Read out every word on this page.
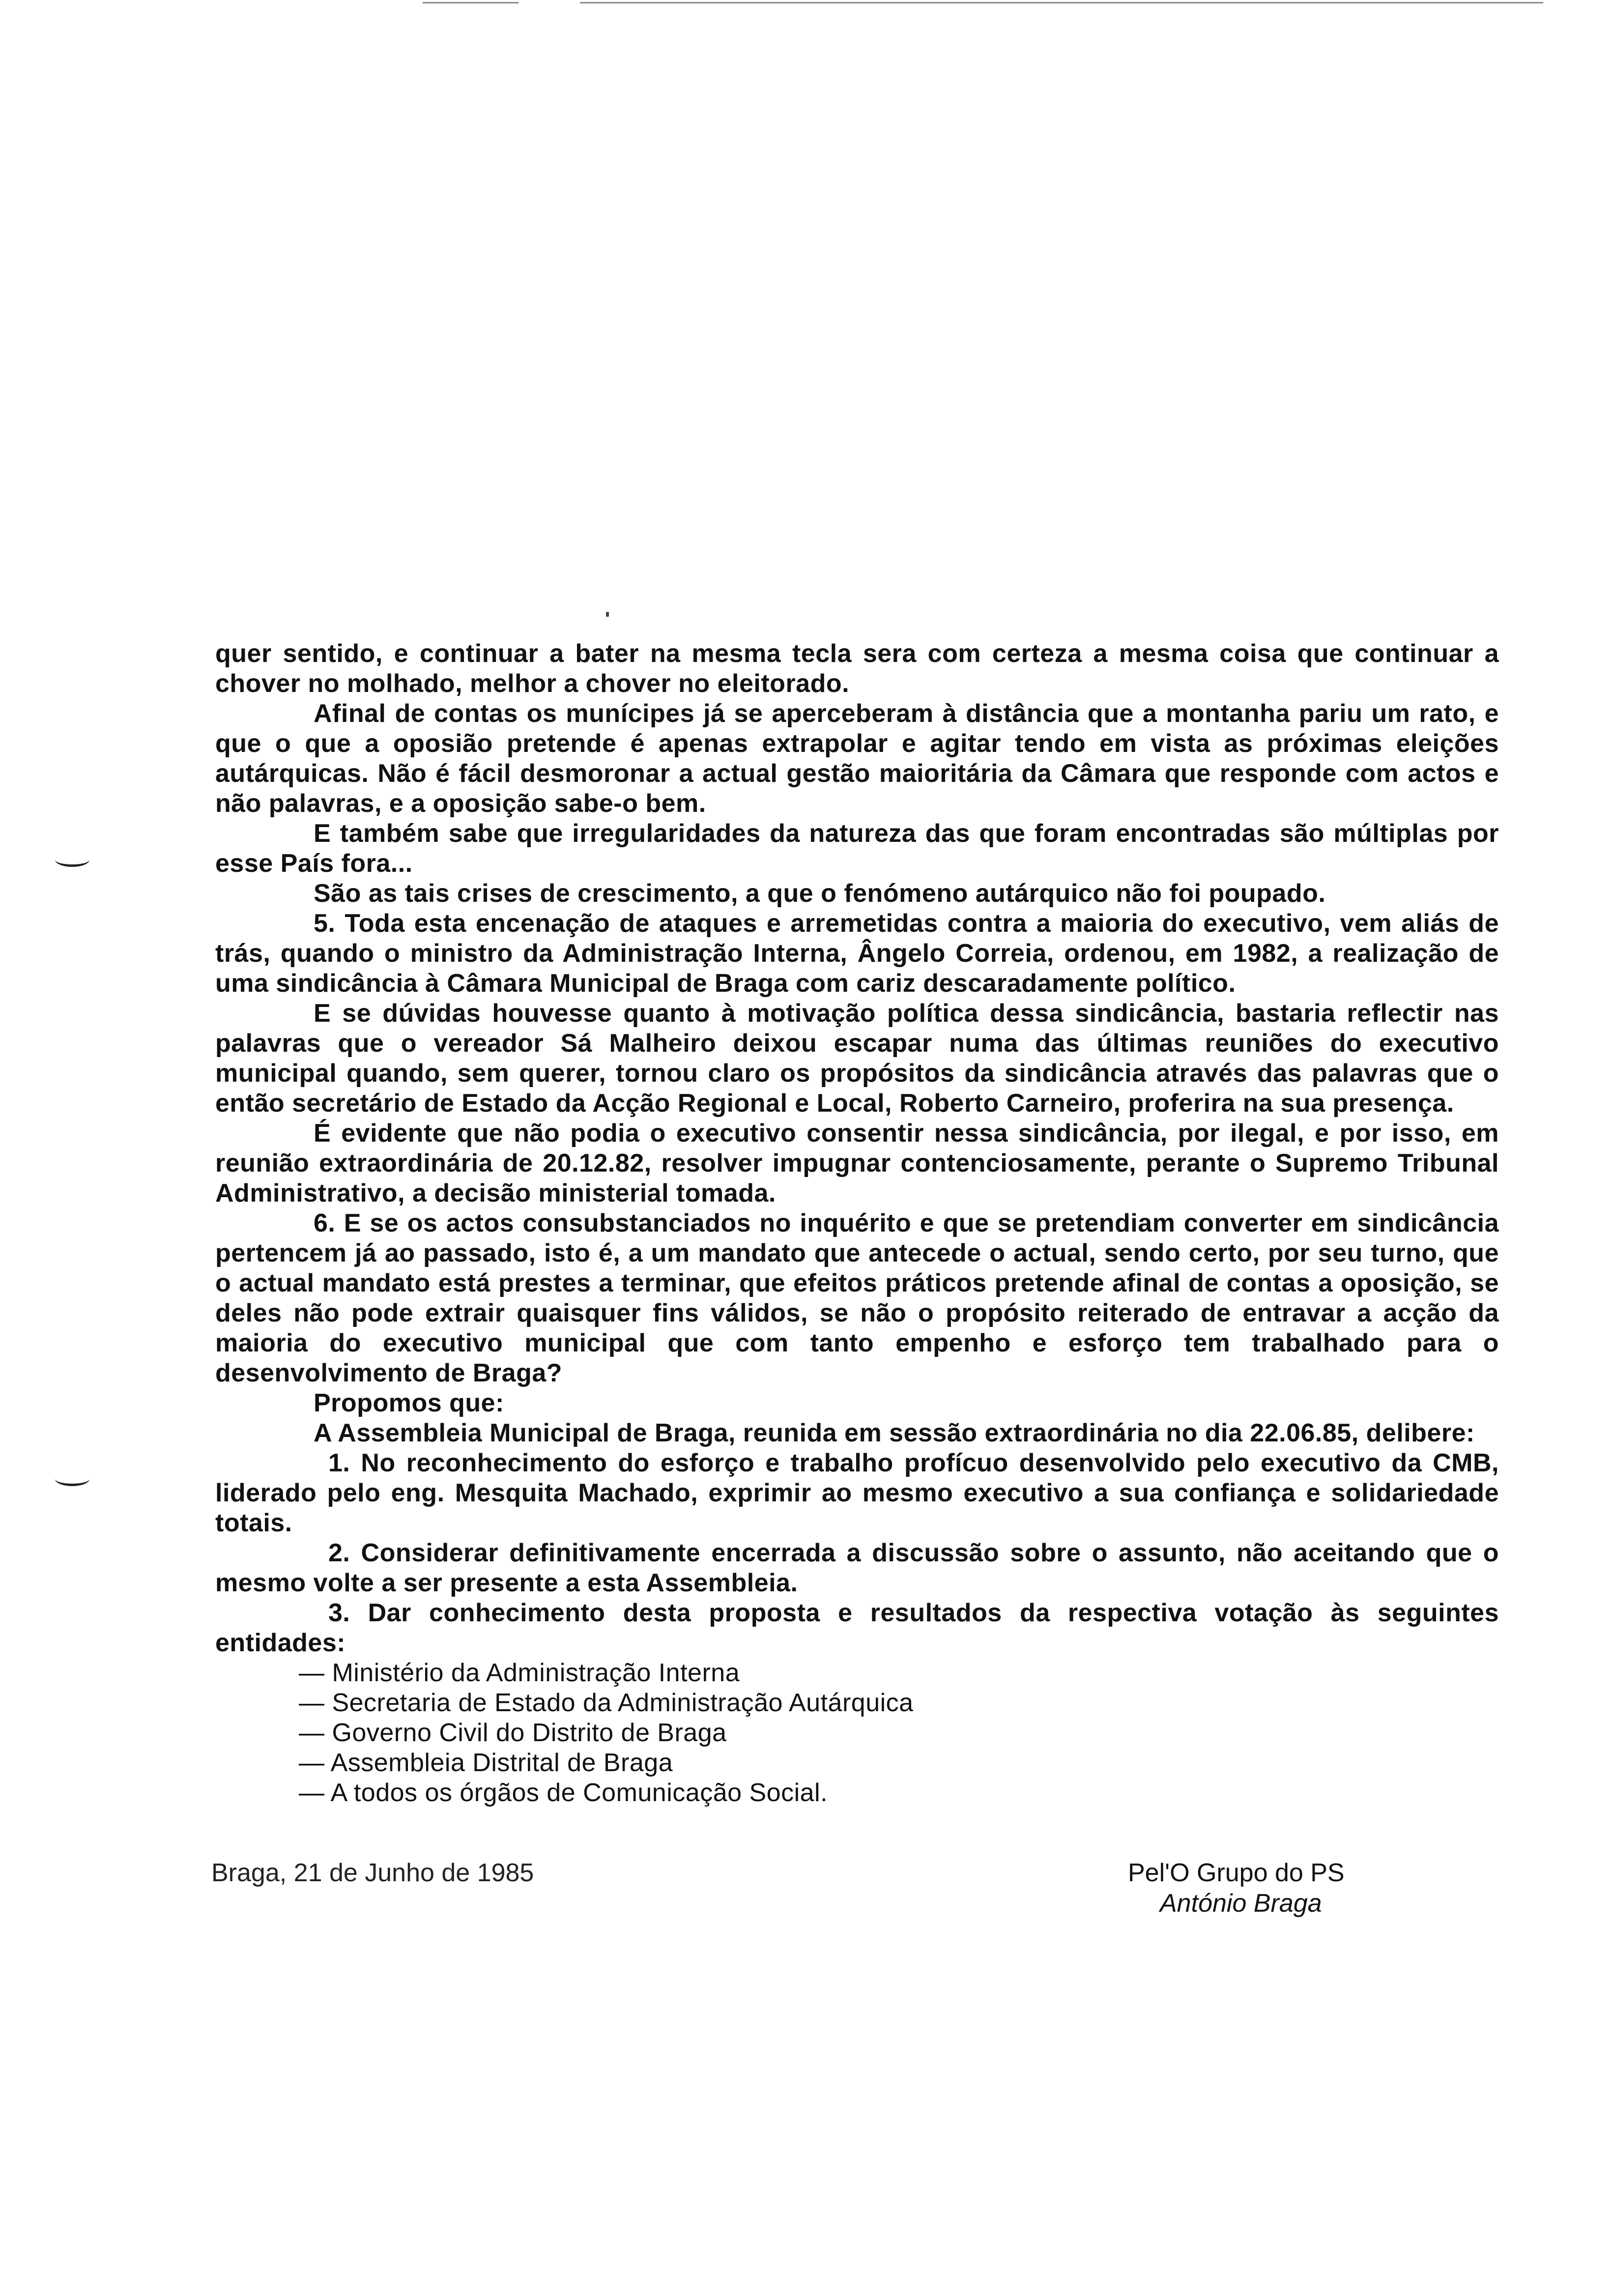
quer sentido, e continuar a bater na mesma tecla sera com certeza a mesma coisa que continuar a chover no molhado, melhor a chover no eleitorado.

Afinal de contas os munícipes já se aperceberam à distância que a montanha pariu um rato, e que o que a oposião pretende é apenas extrapolar e agitar tendo em vista as próximas eleições autárquicas. Não é fácil desmoronar a actual gestão maioritária da Câmara que responde com actos e não palavras, e a oposição sabe-o bem.

E também sabe que irregularidades da natureza das que foram encontradas são múltiplas por esse País fora...

São as tais crises de crescimento, a que o fenómeno autárquico não foi poupado.

5. Toda esta encenação de ataques e arremetidas contra a maioria do executivo, vem aliás de trás, quando o ministro da Administração Interna, Ângelo Correia, ordenou, em 1982, a realização de uma sindicância à Câmara Municipal de Braga com cariz descaradamente político.

E se dúvidas houvesse quanto à motivação política dessa sindicância, bastaria reflectir nas palavras que o vereador Sá Malheiro deixou escapar numa das últimas reuniões do executivo municipal quando, sem querer, tornou claro os propósitos da sindicância através das palavras que o então secretário de Estado da Acção Regional e Local, Roberto Carneiro, proferira na sua presença.

É evidente que não podia o executivo consentir nessa sindicância, por ilegal, e por isso, em reunião extraordinária de 20.12.82, resolver impugnar contenciosamente, perante o Supremo Tribunal Administrativo, a decisão ministerial tomada.

6. E se os actos consubstanciados no inquérito e que se pretendiam converter em sindicância pertencem já ao passado, isto é, a um mandato que antecede o actual, sendo certo, por seu turno, que o actual mandato está prestes a terminar, que efeitos práticos pretende afinal de contas a oposição, se deles não pode extrair quaisquer fins válidos, se não o propósito reiterado de entravar a acção da maioria do executivo municipal que com tanto empenho e esforço tem trabalhado para o desenvolvimento de Braga?

Propomos que:

A Assembleia Municipal de Braga, reunida em sessão extraordinária no dia 22.06.85, delibere:

1. No reconhecimento do esforço e trabalho profícuo desenvolvido pelo executivo da CMB, liderado pelo eng. Mesquita Machado, exprimir ao mesmo executivo a sua confiança e solidariedade totais.

2. Considerar definitivamente encerrada a discussão sobre o assunto, não aceitando que o mesmo volte a ser presente a esta Assembleia.

3. Dar conhecimento desta proposta e resultados da respectiva votação às seguintes entidades:

— Ministério da Administração Interna
— Secretaria de Estado da Administração Autárquica
— Governo Civil do Distrito de Braga
— Assembleia Distrital de Braga
— A todos os órgãos de Comunicação Social.
Braga, 21 de Junho de 1985	Pel'O Grupo do PS
António Braga
